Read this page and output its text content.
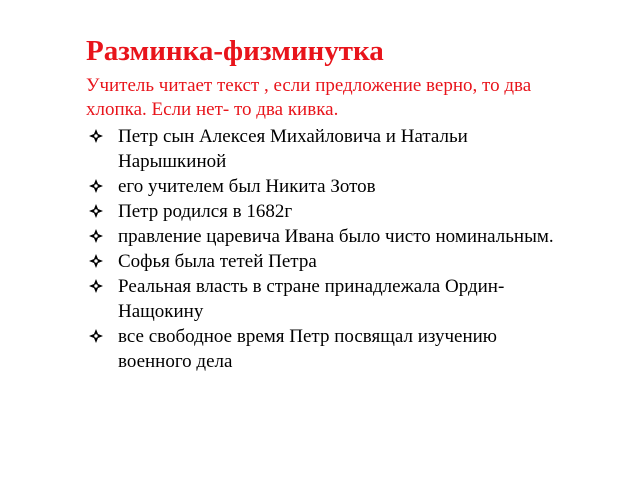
Разминка-физминутка

Учитель читает текст , если предложение верно, то два хлопка. Если нет- то два кивка.

Петр сын Алексея Михайловича и Натальи Нарышкиной
его учителем был Никита Зотов
Петр родился в 1682г
правление царевича Ивана было чисто номинальным.
Софья была тетей Петра
Реальная власть в стране принадлежала Ордин-Нащокину
все свободное время Петр посвящал изучению военного дела
